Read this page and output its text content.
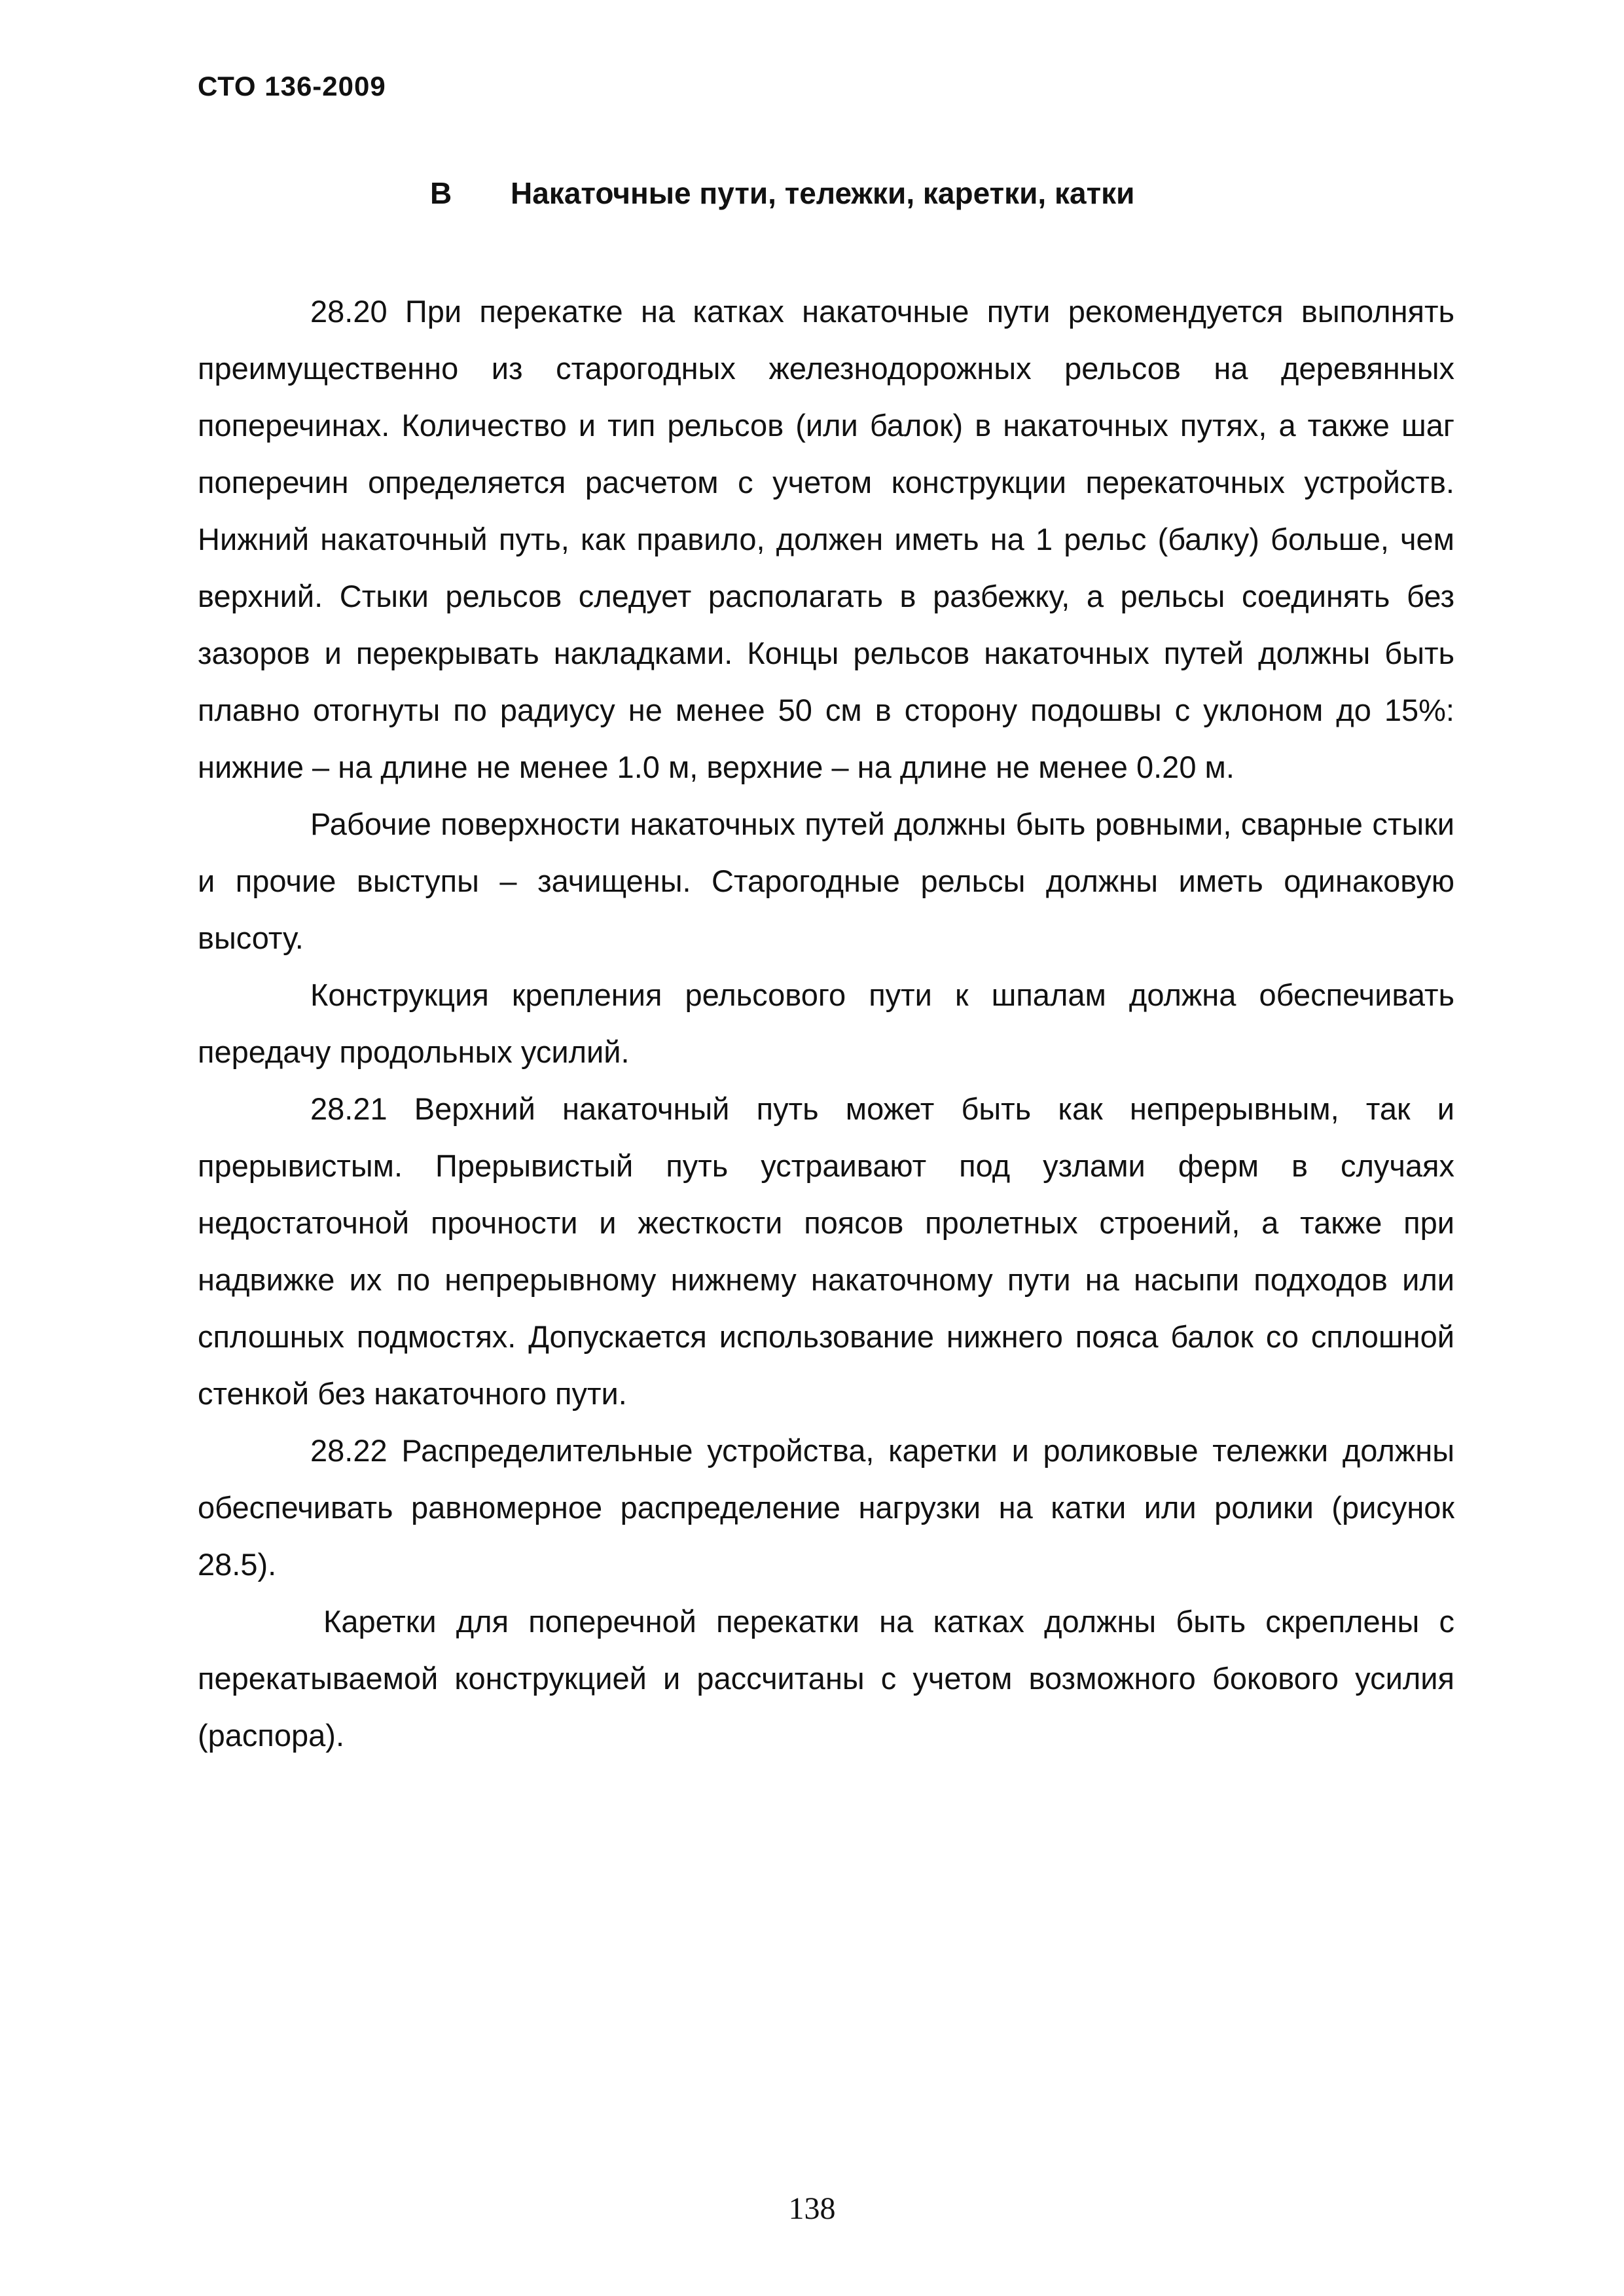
СТО 136-2009
В Накаточные пути, тележки, каретки, катки

28.20 При перекатке на катках накаточные пути рекомендуется выполнять преимущественно из старогодных железнодорожных рельсов на деревянных поперечинах. Количество и тип рельсов (или балок) в накаточных путях, а также шаг поперечин определяется расчетом с учетом конструкции перекаточных устройств. Нижний накаточный путь, как правило, должен иметь на 1 рельс (балку) больше, чем верхний. Стыки рельсов следует располагать в разбежку, а рельсы соединять без зазоров и перекрывать накладками. Концы рельсов накаточных путей должны быть плавно отогнуты по радиусу не менее 50 см в сторону подошвы с уклоном до 15%: нижние – на длине не менее 1.0 м, верхние – на длине не менее 0.20 м.

Рабочие поверхности накаточных путей должны быть ровными, сварные стыки и прочие выступы – зачищены. Старогодные рельсы должны иметь одинаковую высоту.

Конструкция крепления рельсового пути к шпалам должна обеспечивать передачу продольных усилий.

28.21 Верхний накаточный путь может быть как непрерывным, так и прерывистым. Прерывистый путь устраивают под узлами ферм в случаях недостаточной прочности и жесткости поясов пролетных строений, а также при надвижке их по непрерывному нижнему накаточному пути на насыпи подходов или сплошных подмостях. Допускается использование нижнего пояса балок со сплошной стенкой без накаточного пути.

28.22 Распределительные устройства, каретки и роликовые тележки должны обеспечивать равномерное распределение нагрузки на катки или ролики (рисунок 28.5).

Каретки для поперечной перекатки на катках должны быть скреплены с перекатываемой конструкцией и рассчитаны с учетом возможного бокового усилия (распора).

138
